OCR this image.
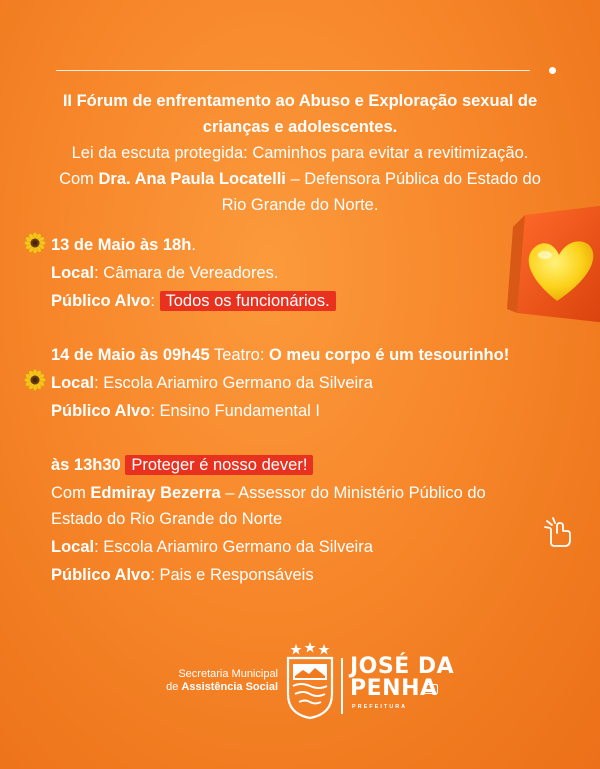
II Fórum de enfrentamento ao Abuso e Exploração sexual de
crianças e adolescentes.
Lei da escuta protegida: Caminhos para evitar a revitimização.
Com Dra. Ana Paula Locatelli – Defensora Pública do Estado do
Rio Grande do Norte.
13 de Maio às 18h.
Local: Câmara de Vereadores.
Público Alvo: Todos os funcionários.
14 de Maio às 09h45 Teatro: O meu corpo é um tesourinho!
Local: Escola Ariamiro Germano da Silveira
Público Alvo: Ensino Fundamental I
às 13h30 Proteger é nosso dever!
Com Edmiray Bezerra – Assessor do Ministério Público do
Estado do Rio Grande do Norte
Local: Escola Ariamiro Germano da Silveira
Público Alvo: Pais e Responsáveis
Secretaria Municipal
de Assistência Social
JOSÉ DA
PENHA
PREFEITURA
